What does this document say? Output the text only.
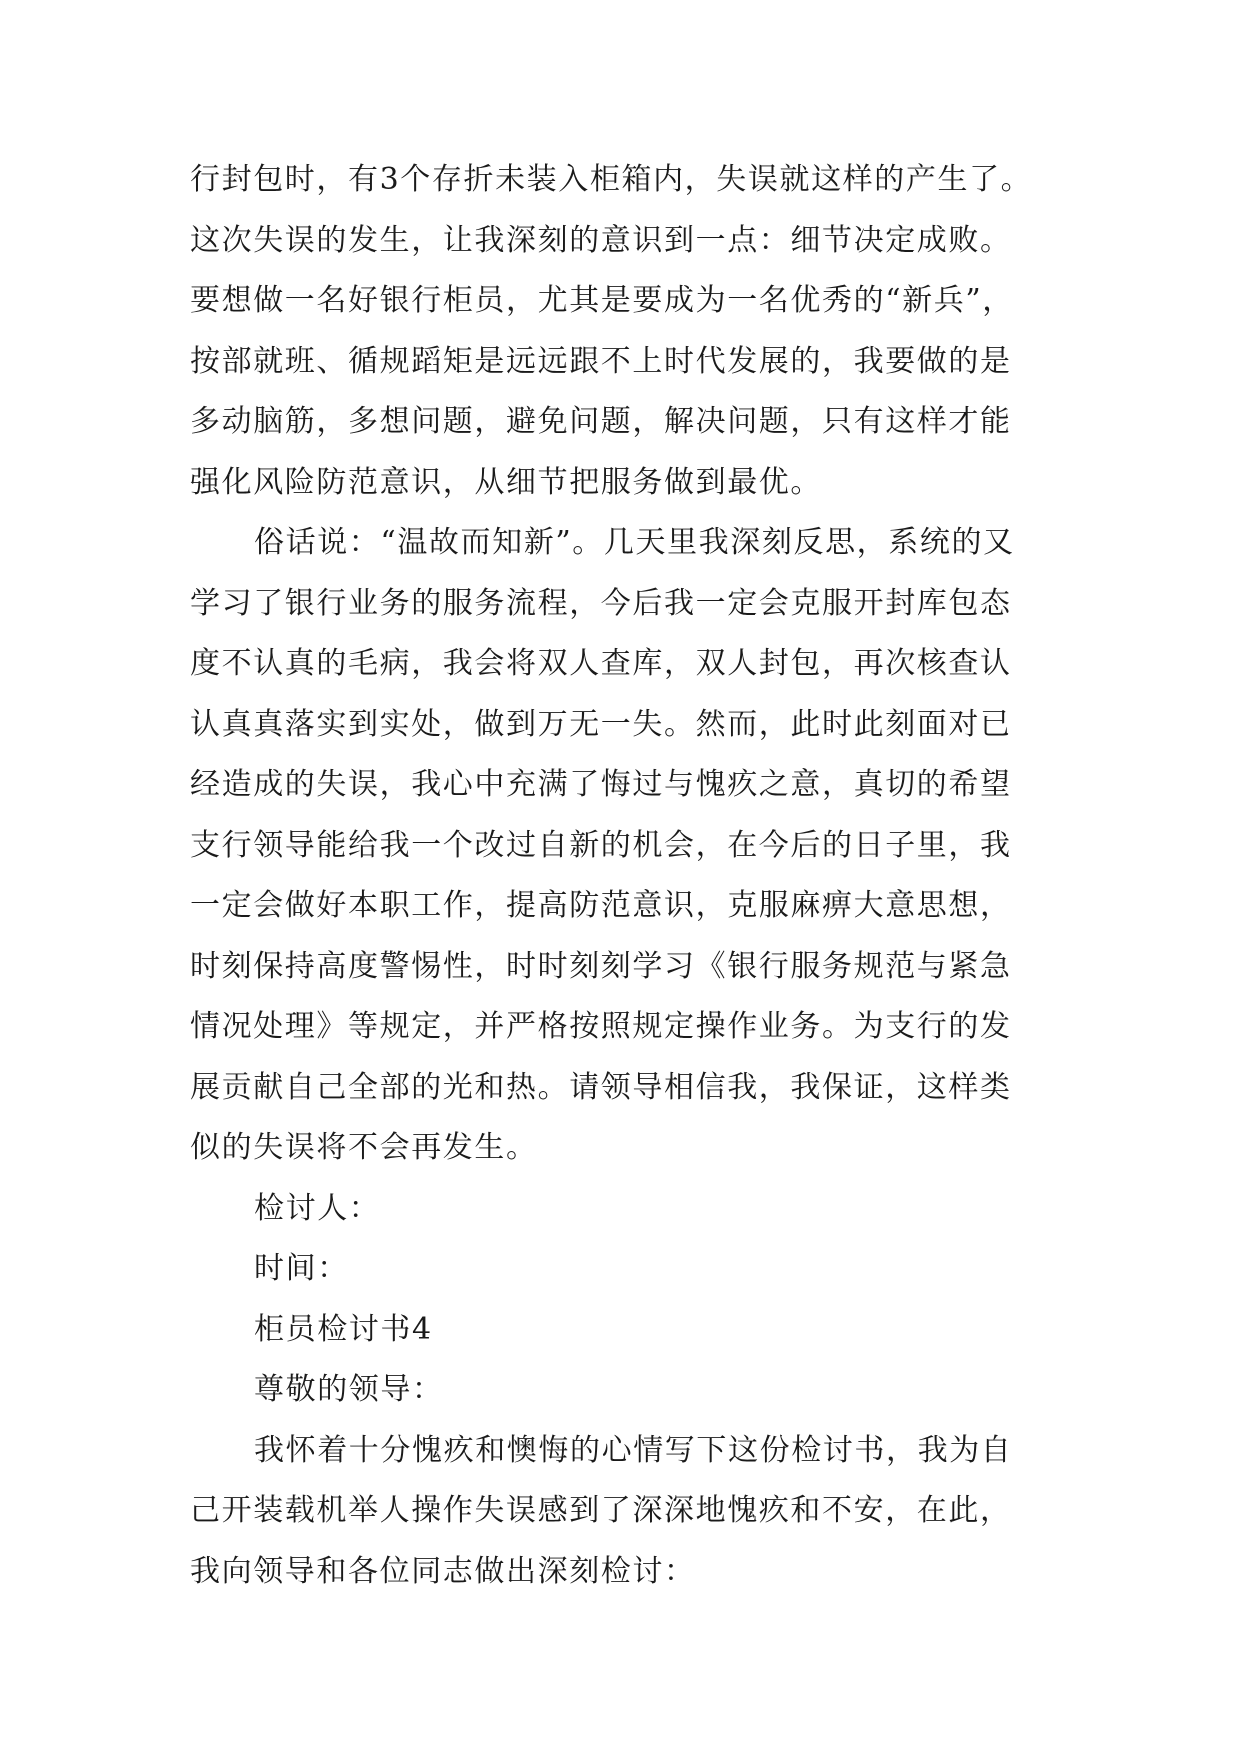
行封包时，有3个存折未装入柜箱内，失误就这样的产生了。
这次失误的发生，让我深刻的意识到一点：细节决定成败。
要想做一名好银行柜员，尤其是要成为一名优秀的“新兵”，
按部就班、循规蹈矩是远远跟不上时代发展的，我要做的是
多动脑筋，多想问题，避免问题，解决问题，只有这样才能
强化风险防范意识，从细节把服务做到最优。
俗话说：“温故而知新”。几天里我深刻反思，系统的又
学习了银行业务的服务流程，今后我一定会克服开封库包态
度不认真的毛病，我会将双人查库，双人封包，再次核查认
认真真落实到实处，做到万无一失。然而，此时此刻面对已
经造成的失误，我心中充满了悔过与愧疚之意，真切的希望
支行领导能给我一个改过自新的机会，在今后的日子里，我
一定会做好本职工作，提高防范意识，克服麻痹大意思想，
时刻保持高度警惕性，时时刻刻学习《银行服务规范与紧急
情况处理》等规定，并严格按照规定操作业务。为支行的发
展贡献自己全部的光和热。请领导相信我，我保证，这样类
似的失误将不会再发生。
检讨人：
时间：
柜员检讨书4
尊敬的领导：
我怀着十分愧疚和懊悔的心情写下这份检讨书，我为自
己开装载机举人操作失误感到了深深地愧疚和不安，在此，
我向领导和各位同志做出深刻检讨：
